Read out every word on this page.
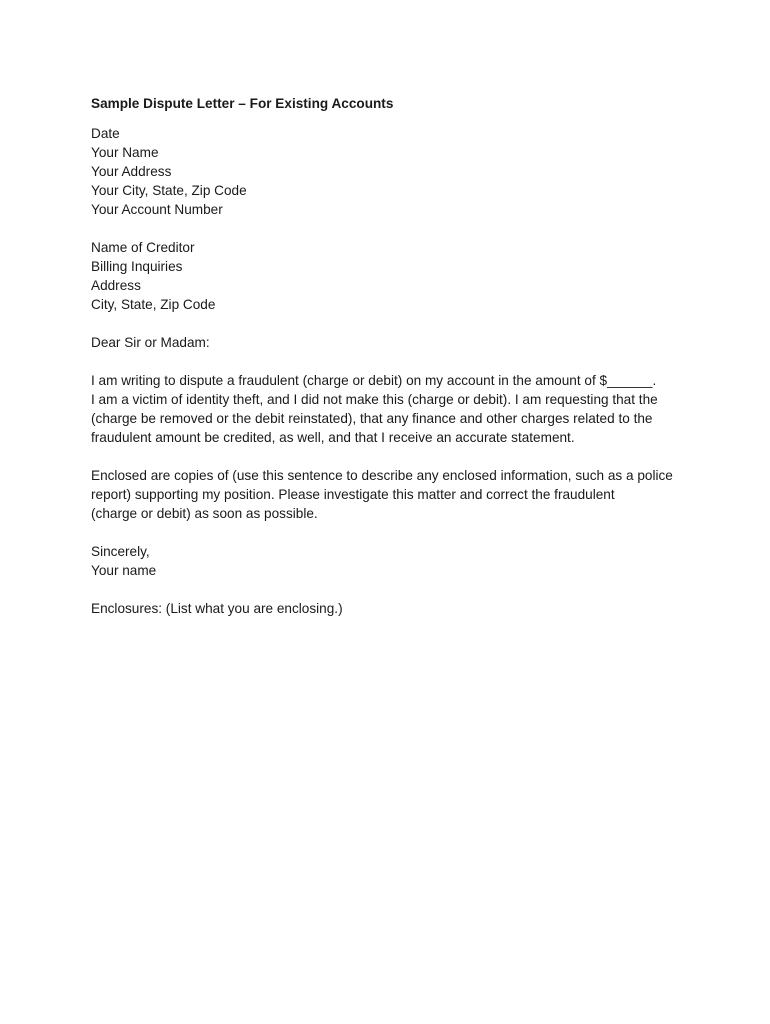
Sample Dispute Letter – For Existing Accounts
Date
Your Name
Your Address
Your City, State, Zip Code
Your Account Number
Name of Creditor
Billing Inquiries
Address
City, State, Zip Code
Dear Sir or Madam:
I am writing to dispute a fraudulent (charge or debit) on my account in the amount of $______.
I am a victim of identity theft, and I did not make this (charge or debit). I am requesting that the
(charge be removed or the debit reinstated), that any finance and other charges related to the
fraudulent amount be credited, as well, and that I receive an accurate statement.
Enclosed are copies of (use this sentence to describe any enclosed information, such as a police
report) supporting my position. Please investigate this matter and correct the fraudulent
(charge or debit) as soon as possible.
Sincerely,
Your name
Enclosures: (List what you are enclosing.)
